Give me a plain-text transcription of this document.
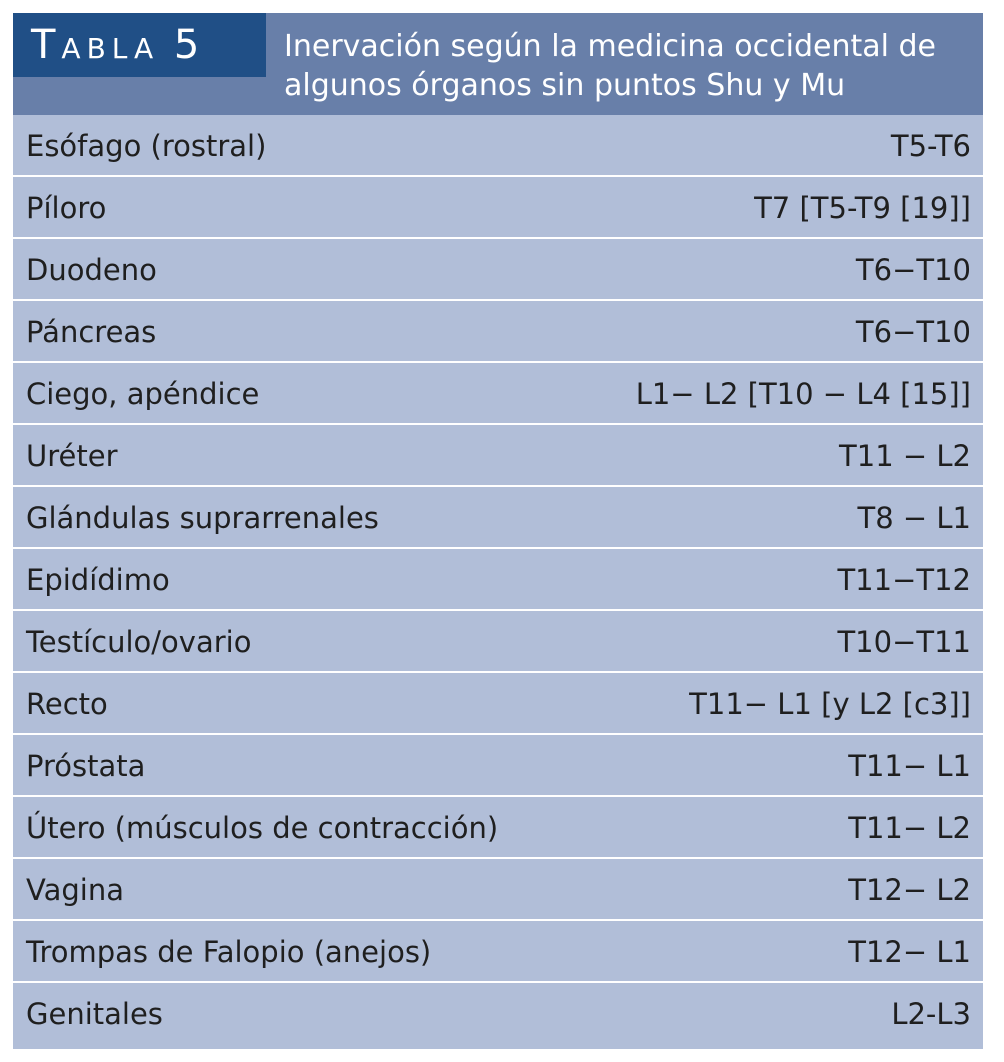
Tabla 5	Inervación según la medicina occidental de
algunos órganos sin puntos Shu y Mu
Esófago (rostral)	T5-T6
Píloro	T7 [T5-T9 [19]]
Duodeno	T6−T10
Páncreas	T6−T10
Ciego, apéndice	L1− L2 [T10 − L4 [15]]
Uréter	T11 − L2
Glándulas suprarrenales	T8 − L1
Epidídimo	T11−T12
Testículo/ovario	T10−T11
Recto	T11− L1 [y L2 [c3]]
Próstata	T11− L1
Útero (músculos de contracción)	T11− L2
Vagina	T12− L2
Trompas de Falopio (anejos)	T12− L1
Genitales	L2-L3
